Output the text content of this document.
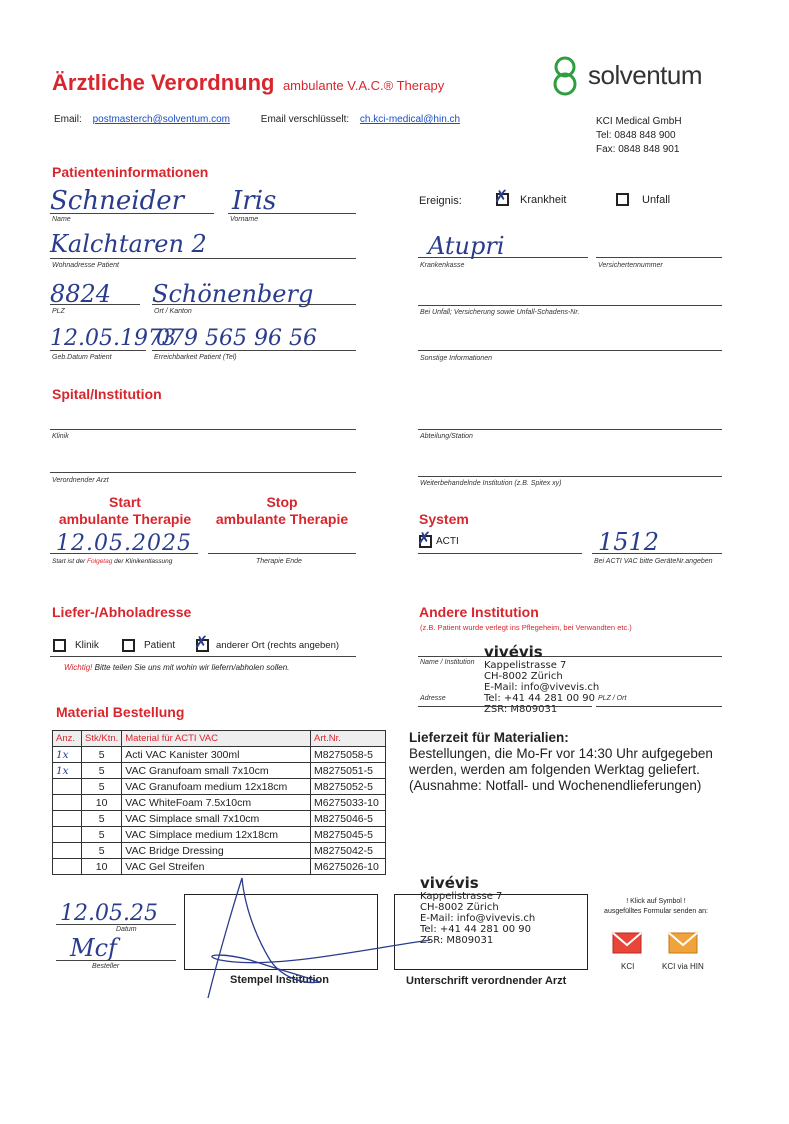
Ärztliche Verordnung ambulante V.A.C.® Therapy	solventum
Email: postmasterch@solventum.com	Email verschlüsselt: ch.kci-medical@hin.ch	KCI Medical GmbH
Tel: 0848 848 900
Fax: 0848 848 901
Patienteninformationen
Schneider
Name
Iris
Vorname
Kalchtaren 2
Wohnadresse Patient
8824
PLZ
Schönenberg
Ort / Kanton
12.05.1973
Geb.Datum Patient
079 565 96 56
Erreichbarkeit Patient (Tel)
Ereignis: ✗ Krankheit	Unfall
Atupri
Krankenkasse	Versichertennummer
Bei Unfall; Versicherung sowie Unfall-Schadens-Nr.
Sonstige Informationen
Spital/Institution
Klinik	Abteilung/Station
Verordnender Arzt	Weiterbehandelnde Institution (z.B. Spitex xy)
Start
ambulante Therapie
Stop
ambulante Therapie
12.05.2025
Start ist der Folgetag der Klinikentlassung	Therapie Ende
System
✗ ACTI	1512
Bei ACTI VAC bitte GeräteNr.angeben
Liefer-/Abholadresse
Klinik	Patient ✗ anderer Ort (rechts angeben)
Wichtig! Bitte teilen Sie uns mit wohin wir liefern/abholen sollen.
Andere Institution
(z.B. Patient wurde verlegt ins Pflegeheim, bei Verwandten etc.)
Name / Institution
vivévis
Kappelistrasse 7
CH-8002 Zürich
E-Mail: info@vivevis.ch
Tel: +41 44 281 00 90
ZSR: M809031
Adresse	PLZ / Ort
Material Bestellung
Anz.	Stk/Ktn.	Material für ACTI VAC	Art.Nr.
1x	5	Acti VAC Kanister 300ml	M8275058-5
1x	5	VAC Granufoam small 7x10cm	M8275051-5
	5	VAC Granufoam medium 12x18cm	M8275052-5
	10	VAC WhiteFoam 7.5x10cm	M6275033-10
	5	VAC Simplace small 7x10cm	M8275046-5
	5	VAC Simplace medium 12x18cm	M8275045-5
	5	VAC Bridge Dressing	M8275042-5
	10	VAC Gel Streifen	M6275026-10
Lieferzeit für Materialien:
Bestellungen, die Mo-Fr vor 14:30 Uhr aufgegeben
werden, werden am folgenden Werktag geliefert.
(Ausnahme: Notfall- und Wochenendlieferungen)
12.05.25
Datum
Mcf
Besteller
Stempel Institution
vivévis
Kappelistrasse 7
CH-8002 Zürich
E-Mail: info@vivevis.ch
Tel: +41 44 281 00 90
ZSR: M809031
Unterschrift verordnender Arzt
! Klick auf Symbol !
ausgefülltes Formular senden an:
KCI	KCI via HIN
